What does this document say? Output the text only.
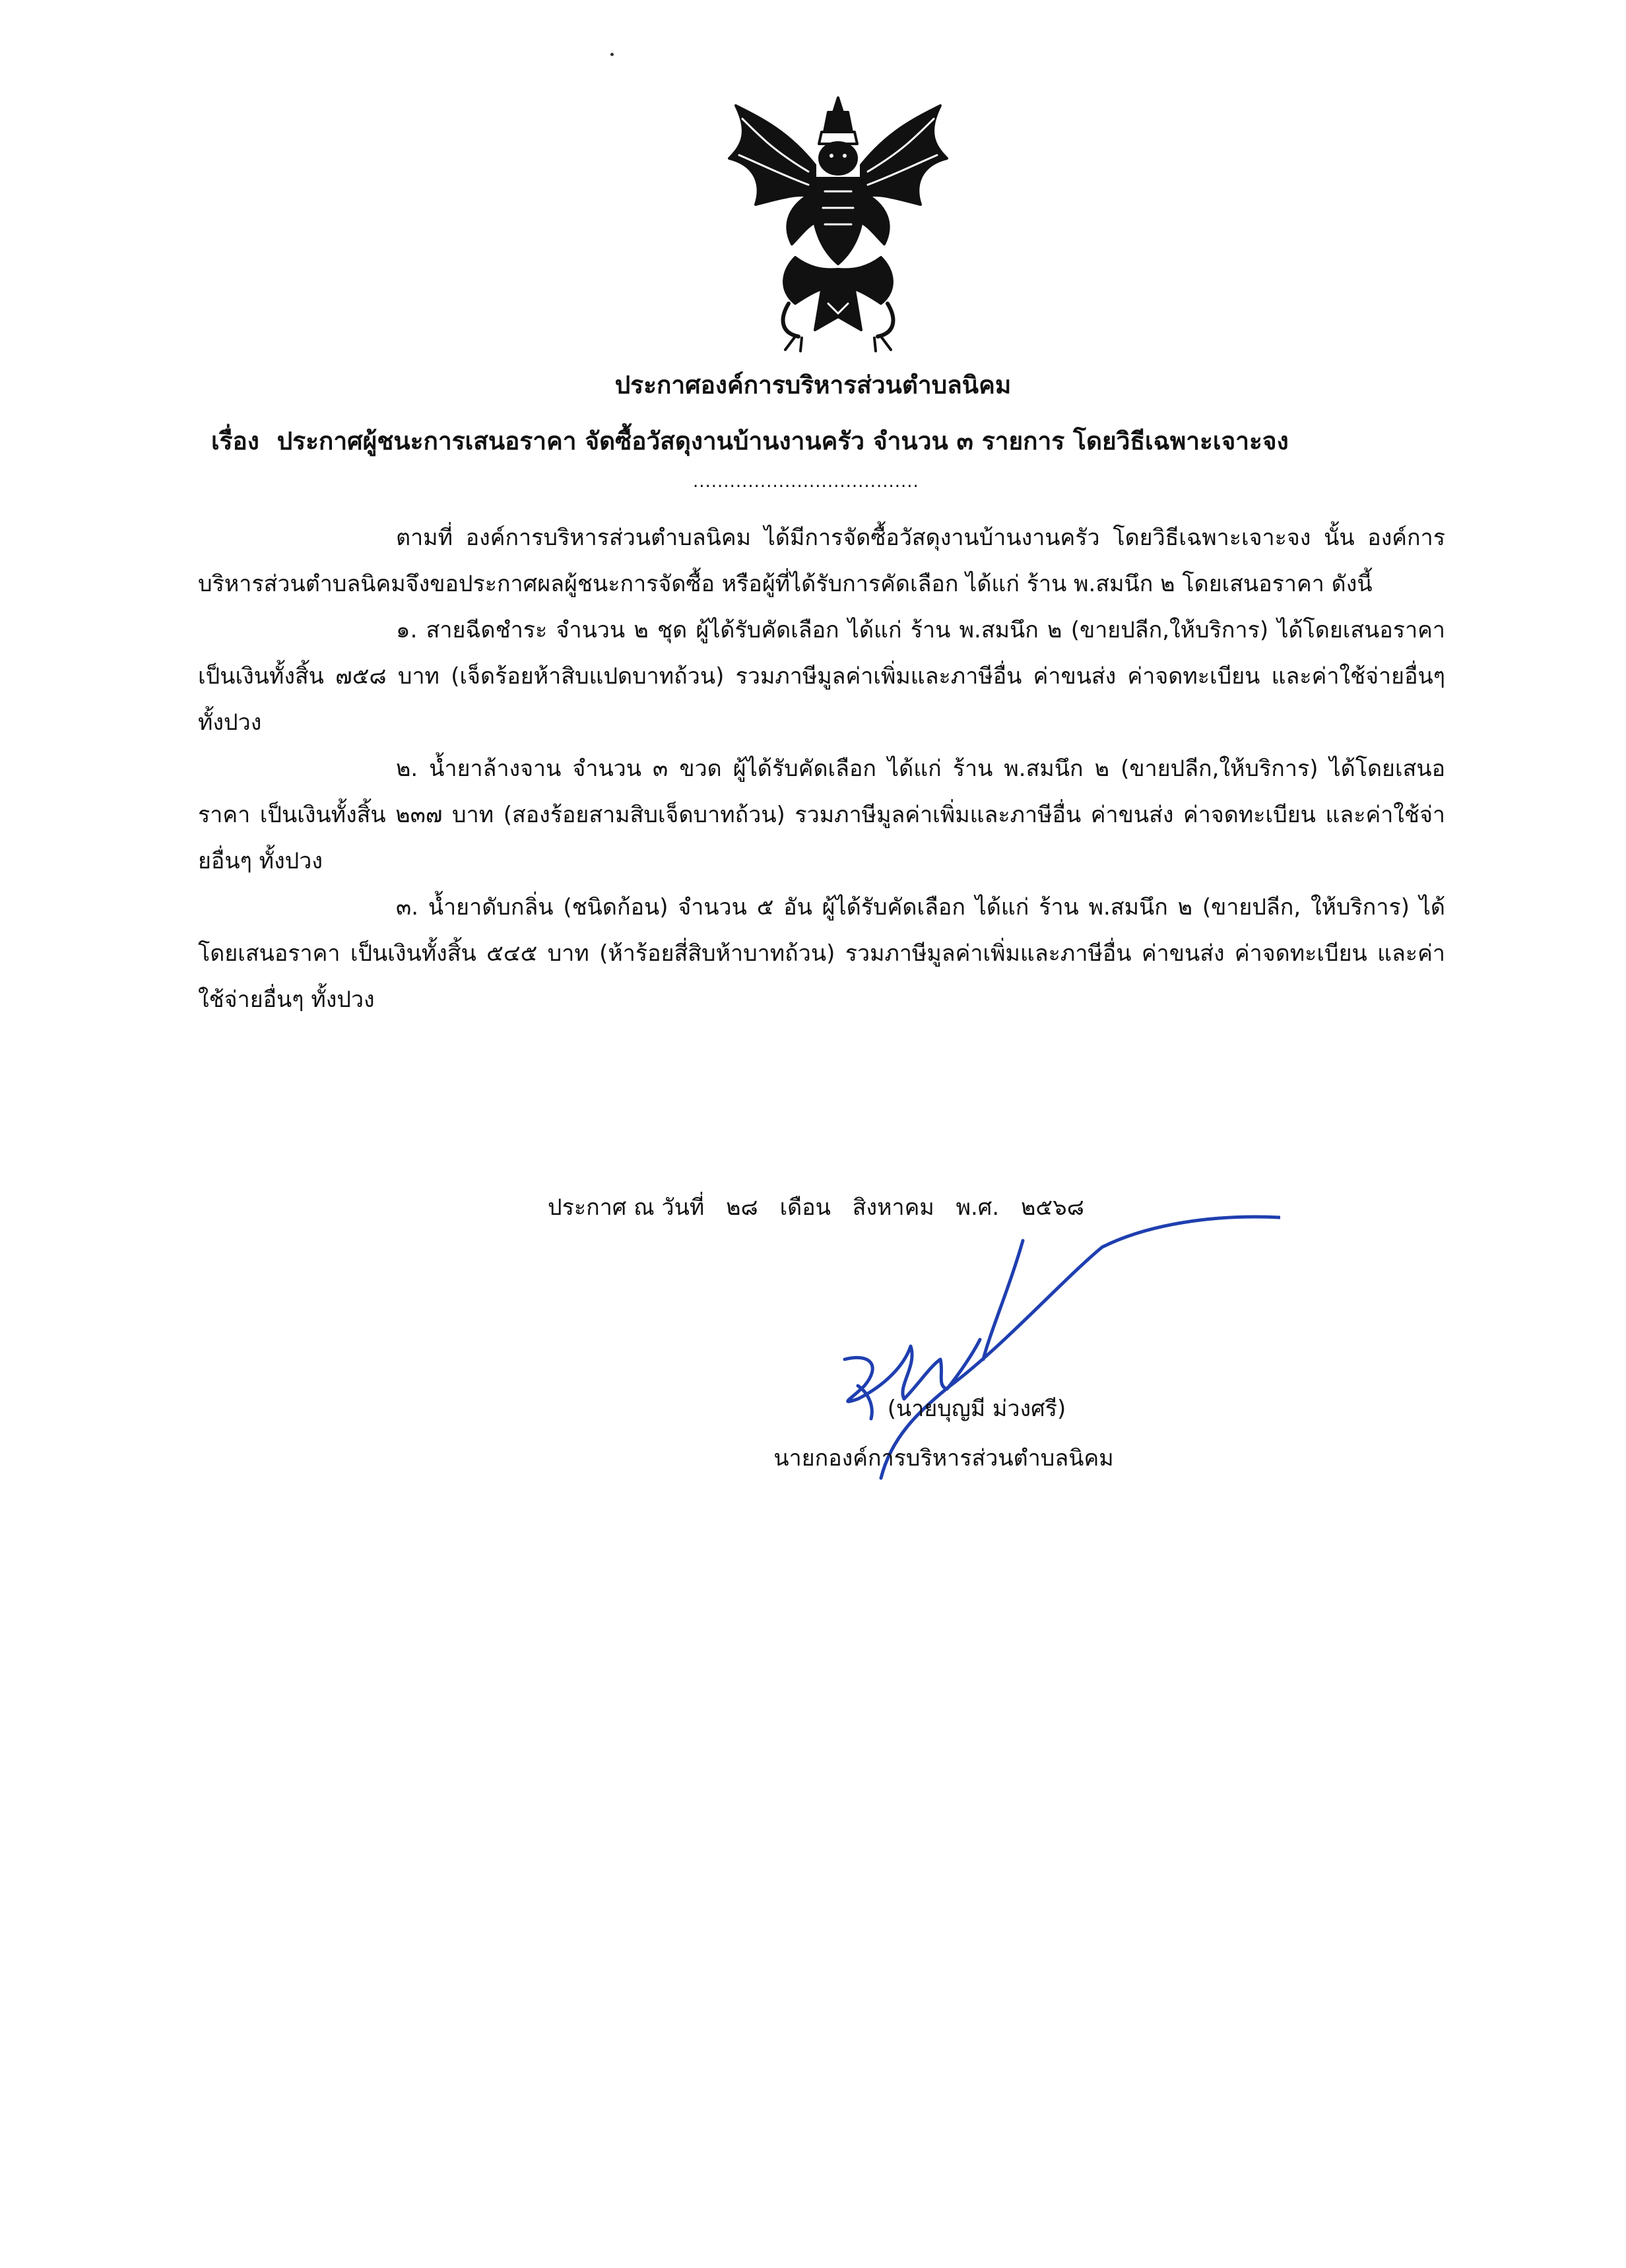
ประกาศองค์การบริหารส่วนตำบลนิคม
เรื่อง ประกาศผู้ชนะการเสนอราคา จัดซื้อวัสดุงานบ้านงานครัว จำนวน ๓ รายการ โดยวิธีเฉพาะเจาะจง
.....................................

ตามที่ องค์การบริหารส่วนตำบลนิคม ได้มีการจัดซื้อวัสดุงานบ้านงานครัว โดยวิธีเฉพาะเจาะจง นั้น องค์การบริหารส่วนตำบลนิคมจึงขอประกาศผลผู้ชนะการจัดซื้อ หรือผู้ที่ได้รับการคัดเลือก ได้แก่ ร้าน พ.สมนึก ๒ โดยเสนอราคา ดังนี้

๑. สายฉีดชำระ จำนวน ๒ ชุด ผู้ได้รับคัดเลือก ได้แก่ ร้าน พ.สมนึก ๒ (ขายปลีก,ให้บริการ) ได้โดยเสนอราคา เป็นเงินทั้งสิ้น ๗๕๘ บาท (เจ็ดร้อยห้าสิบแปดบาทถ้วน) รวมภาษีมูลค่าเพิ่มและภาษีอื่น ค่าขนส่ง ค่าจดทะเบียน และค่าใช้จ่ายอื่นๆ ทั้งปวง

๒. น้ำยาล้างจาน จำนวน ๓ ขวด ผู้ได้รับคัดเลือก ได้แก่ ร้าน พ.สมนึก ๒ (ขายปลีก,ให้บริการ) ได้โดยเสนอราคา เป็นเงินทั้งสิ้น ๒๓๗ บาท (สองร้อยสามสิบเจ็ดบาทถ้วน) รวมภาษีมูลค่าเพิ่มและภาษีอื่น ค่าขนส่ง ค่าจดทะเบียน และค่าใช้จ่ายอื่นๆ ทั้งปวง

๓. น้ำยาดับกลิ่น (ชนิดก้อน) จำนวน ๕ อัน ผู้ได้รับคัดเลือก ได้แก่ ร้าน พ.สมนึก ๒ (ขายปลีก, ให้บริการ) ได้โดยเสนอราคา เป็นเงินทั้งสิ้น ๕๔๕ บาท (ห้าร้อยสี่สิบห้าบาทถ้วน) รวมภาษีมูลค่าเพิ่มและภาษีอื่น ค่าขนส่ง ค่าจดทะเบียน และค่าใช้จ่ายอื่นๆ ทั้งปวง

ประกาศ ณ วันที่ ๒๘ เดือน สิงหาคม พ.ศ. ๒๕๖๘
(นายบุญมี ม่วงศรี)
นายกองค์การบริหารส่วนตำบลนิคม
